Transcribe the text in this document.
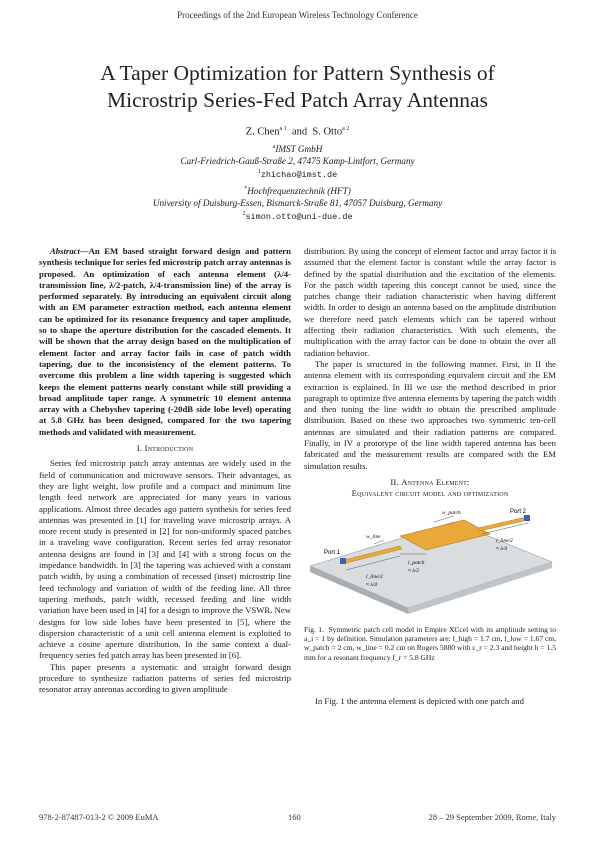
Proceedings of the 2nd European Wireless Technology Conference
A Taper Optimization for Pattern Synthesis of
Microstrip Series-Fed Patch Array Antennas
Z. Chen$^{a 1}$ and S. Otto$^{a 2}$
$^a$IMST GmbH
Carl-Friedrich-Gauß-Straße 2, 47475 Kamp-Lintfort, Germany
$^1$zhichao@imst.de
*Hochfrequenztechnik (HFT)
University of Duisburg-Essen, Bismarck-Straße 81, 47057 Duisburg, Germany
$^2$simon.otto@uni-due.de

Abstract—An EM based straight forward design and pattern synthesis technique for series fed microstrip patch array antennas is proposed. An optimization of each antenna element (λ/4-transmission line, λ/2-patch, λ/4-transmission line) of the array is performed separately. By introducing an equivalent circuit along with an EM parameter extraction method, each antenna element can be optimized for its resonance frequency and taper amplitude, so to shape the aperture distribution for the cascaded elements. It will be shown that the array design based on the multiplication of element factor and array factor fails in case of patch width tapering, due to the inconsistency of the element patterns. To overcome this problem a line width tapering is suggested which keeps the element patterns nearly constant while still providing a broad amplitude taper range. A symmetric 10 element antenna array with a Chebyshev tapering (-20dB side lobe level) operating at 5.8 GHz has been designed, compared for the two tapering methods and validated with measurement.

I. Introduction

Series fed microstrip patch array antennas are widely used in the field of communication and microwave sensors. Their advantages, as they are light weight, low profile and a compact and minimum line length feed network are appreciated for many years in various applications. Almost three decades ago pattern synthesis for series feed antennas was presented in [1] for traveling wave microstrip arrays. A more recent study is presented in [2] for non-uniformly spaced patches in a traveling wave configuration. Recent series fed array resonator antenna designs are found in [3] and [4] with a strong focus on the impedance bandwidth. In [3] the tapering was achieved with a constant patch width, by using a combination of recessed (inset) microstrip line feed technology and variation of width of the feeding line. All three tapering methods, patch width, recessed feeding and line width variation have been used in [4] for a design to improve the VSWR. New designs for low side lobes have been presented in [5], where the dispersion characteristic of a unit cell antenna element is exploited to achieve a cosine aperture distribution. In the same context a dual-frequency series fed patch array has been presented in [6].

This paper presents a systematic and straight forward design procedure to synthesize radiation patterns of series fed microstrip resonator array antennas according to given amplitude

distribution. By using the concept of element factor and array factor it is assumed that the element factor is constant while the array factor is defined by the spatial distribution and the excitation of the elements. For the patch width tapering this concept cannot be used, since the patches change their radiation characteristic when having different width. In order to design an antenna based on the amplitude distribution we therefore need patch elements which can be tapered without affecting their radiation characteristics. With such elements, the multiplication with the array factor can be done to obtain the over all radiation behavior.

The paper is structured in the following manner. First, in II the antenna element with its corresponding equivalent circuit and the EM extraction is explained. In III we use the method described in prior paragraph to optimize five antenna elements by tapering the patch width and then tuning the line width to obtain the prescribed amplitude distribution. Based on these two approaches two symmetric ten-cell antennas are simulated and their radiation patterns are compared. Finally, in IV a prototype of the line width tapered antenna has been fabricated and the measurement results are compared with the EM simulation results.

II. Antenna Element:
Equivalent circuit model and optimization
Port 1
Port 2
w_line
w_patch
l_patch
≈ λ/2
l_line/2
≈ λ/4
l_line/2
≈ λ/4
Fig. 1. Symmetric patch cell model in Empire XCcel with its amplitude setting to a_i = 1 by definition. Simulation parameters are: l_high = 1.7 cm, l_low = 1.67 cm, w_patch = 2 cm, w_line = 0.2 cm on Rogers 5880 with ε_r = 2.3 and height h = 1.5 mm for a resonant frequency f_r = 5.8 GHz

In Fig. 1 the antenna element is depicted with one patch and

978-2-87487-013-2 © 2009 EuMA	160	28 – 29 September 2009, Rome, Italy
